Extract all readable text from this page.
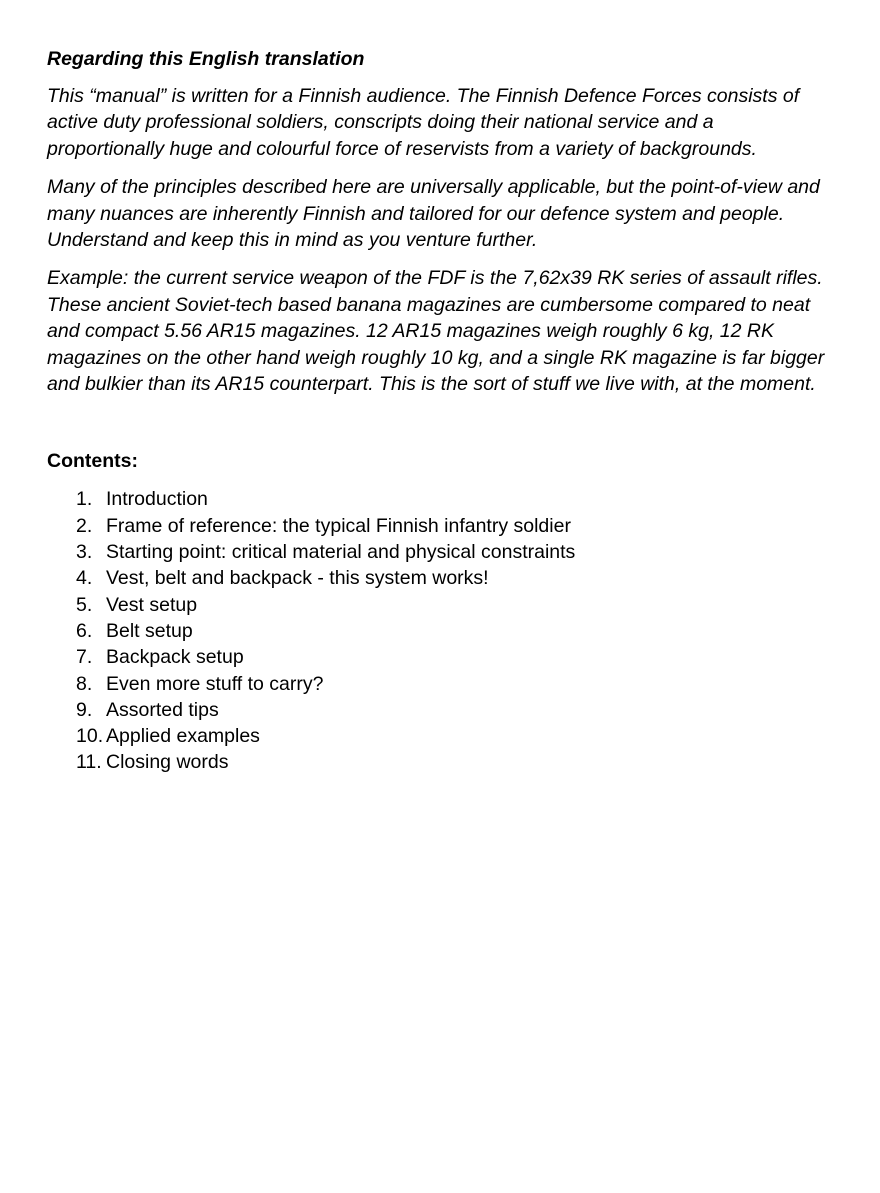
Regarding this English translation
This “manual” is written for a Finnish audience. The Finnish Defence Forces consists of
active duty professional soldiers, conscripts doing their national service and a
proportionally huge and colourful force of reservists from a variety of backgrounds.
Many of the principles described here are universally applicable, but the point-of-view and
many nuances are inherently Finnish and tailored for our defence system and people.
Understand and keep this in mind as you venture further.
Example: the current service weapon of the FDF is the 7,62x39 RK series of assault rifles.
These ancient Soviet-tech based banana magazines are cumbersome compared to neat
and compact 5.56 AR15 magazines. 12 AR15 magazines weigh roughly 6 kg, 12 RK
magazines on the other hand weigh roughly 10 kg, and a single RK magazine is far bigger
and bulkier than its AR15 counterpart. This is the sort of stuff we live with, at the moment.
Contents:
1. Introduction
2. Frame of reference: the typical Finnish infantry soldier
3. Starting point: critical material and physical constraints
4. Vest, belt and backpack - this system works!
5. Vest setup
6. Belt setup
7. Backpack setup
8. Even more stuff to carry?
9. Assorted tips
10. Applied examples
11. Closing words
